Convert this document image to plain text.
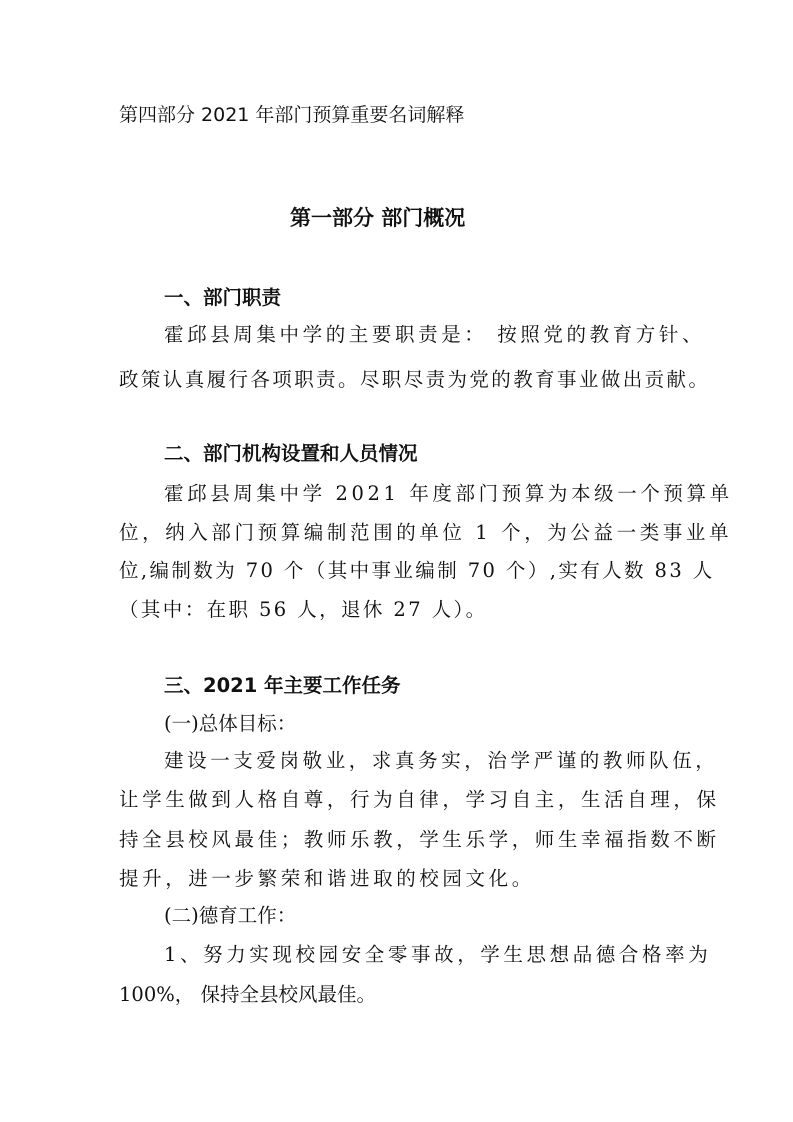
第四部分 2021 年部门预算重要名词解释
第一部分 部门概况
一、部门职责
霍邱县周集中学的主要职责是： 按照党的教育方针、
政策认真履行各项职责。尽职尽责为党的教育事业做出贡献。
二、部门机构设置和人员情况
霍邱县周集中学 2021 年度部门预算为本级一个预算单
位，纳入部门预算编制范围的单位 1 个，为公益一类事业单
位,编制数为 70 个（其中事业编制 70 个）,实有人数 83 人
（其中：在职 56 人，退休 27 人）。
三、2021 年主要工作任务
(一)总体目标：
建设一支爱岗敬业，求真务实，治学严谨的教师队伍，
让学生做到人格自尊，行为自律，学习自主，生活自理，保
持全县校风最佳；教师乐教，学生乐学，师生幸福指数不断
提升，进一步繁荣和谐进取的校园文化。
(二)德育工作：
1、努力实现校园安全零事故，学生思想品德合格率为
100%， 保持全县校风最佳。
